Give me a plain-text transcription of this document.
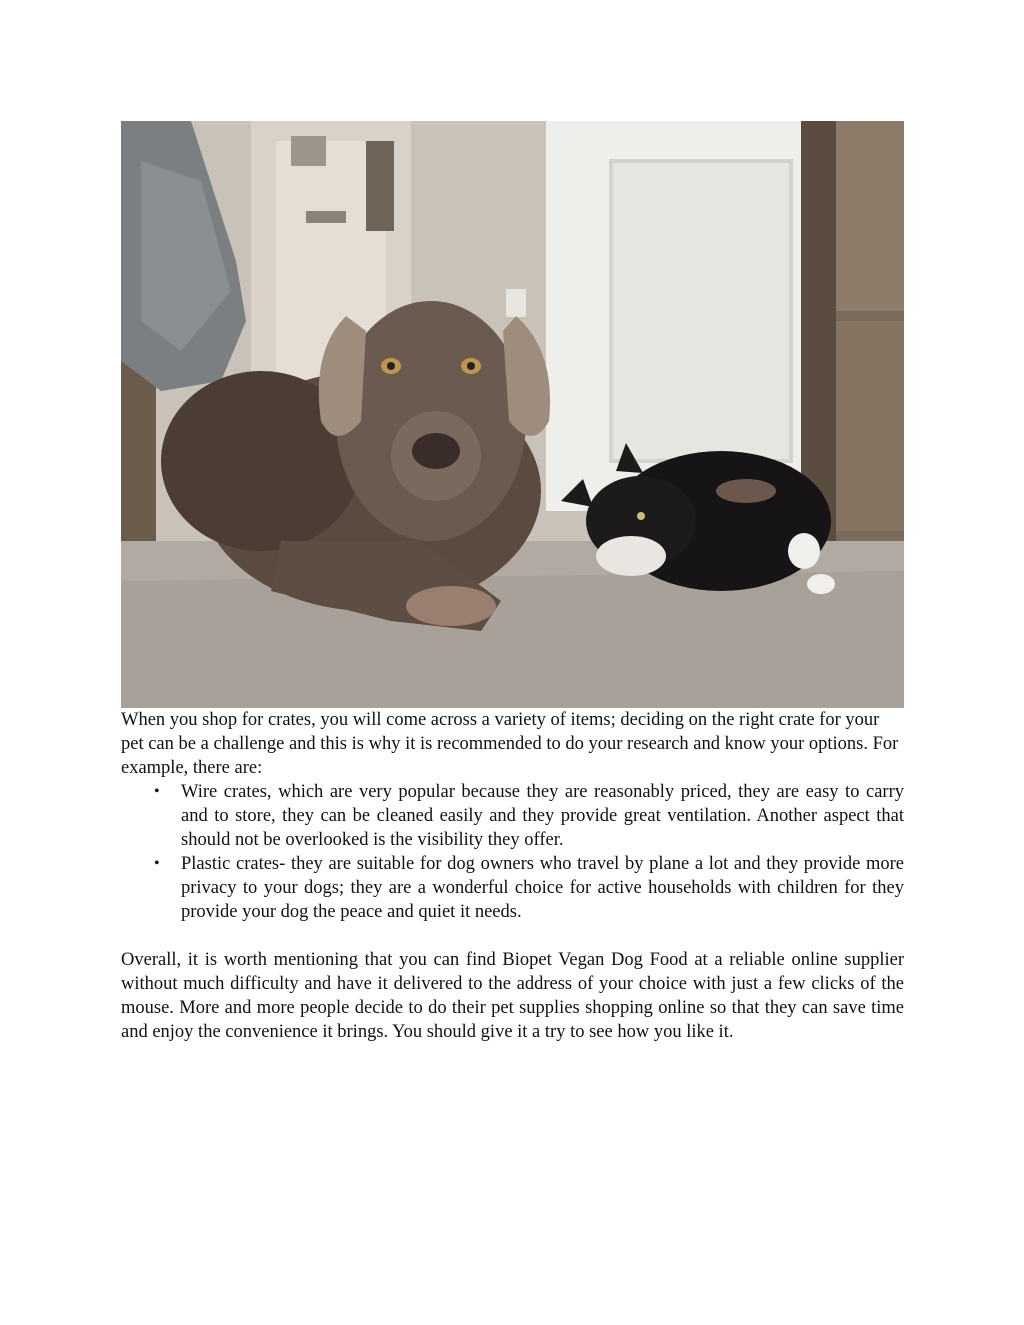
When you shop for crates, you will come across a variety of items; deciding on the right crate for your pet can be a challenge and this is why it is recommended to do your research and know your options. For example, there are:

• Wire crates, which are very popular because they are reasonably priced, they are easy to carry and to store, they can be cleaned easily and they provide great ventilation. Another aspect that should not be overlooked is the visibility they offer.
• Plastic crates- they are suitable for dog owners who travel by plane a lot and they provide more privacy to your dogs; they are a wonderful choice for active households with children for they provide your dog the peace and quiet it needs.

Overall, it is worth mentioning that you can find Biopet Vegan Dog Food at a reliable online supplier without much difficulty and have it delivered to the address of your choice with just a few clicks of the mouse. More and more people decide to do their pet supplies shopping online so that they can save time and enjoy the convenience it brings. You should give it a try to see how you like it.
